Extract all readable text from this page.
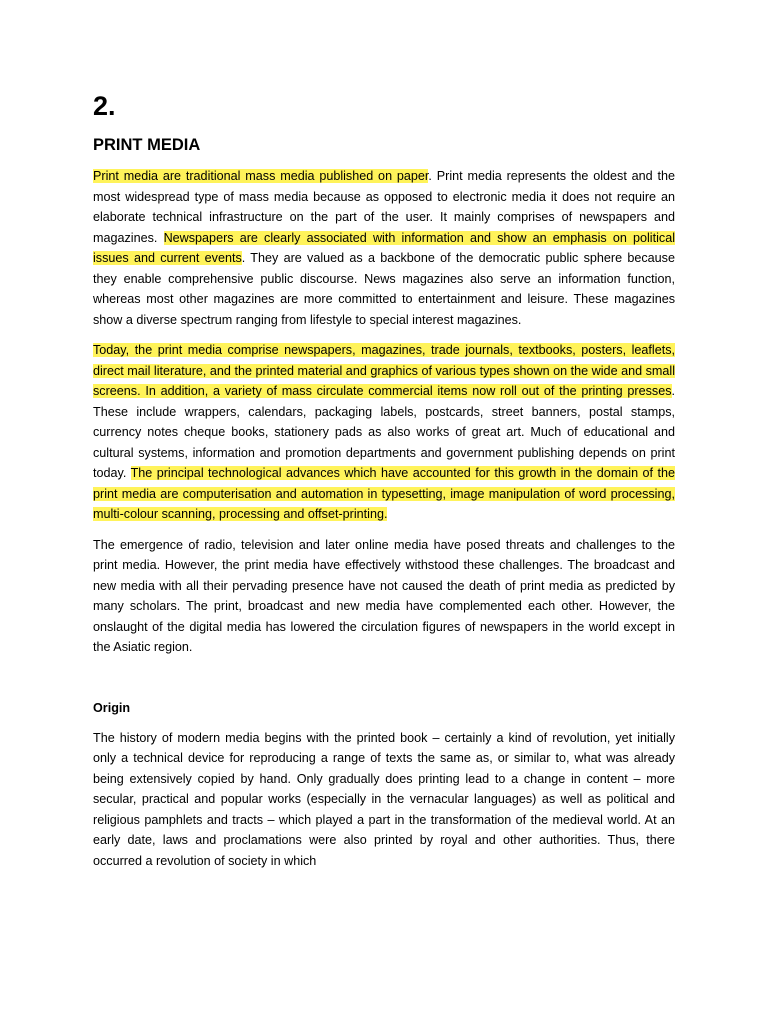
2.
PRINT MEDIA

Print media are traditional mass media published on paper. Print media represents the oldest and the most widespread type of mass media because as opposed to electronic media it does not require an elaborate technical infrastructure on the part of the user. It mainly comprises of newspapers and magazines. Newspapers are clearly associated with information and show an emphasis on political issues and current events. They are valued as a backbone of the democratic public sphere because they enable comprehensive public discourse. News magazines also serve an information function, whereas most other magazines are more committed to entertainment and leisure. These magazines show a diverse spectrum ranging from lifestyle to special interest magazines.

Today, the print media comprise newspapers, magazines, trade journals, textbooks, posters, leaflets, direct mail literature, and the printed material and graphics of various types shown on the wide and small screens. In addition, a variety of mass circulate commercial items now roll out of the printing presses. These include wrappers, calendars, packaging labels, postcards, street banners, postal stamps, currency notes cheque books, stationery pads as also works of great art. Much of educational and cultural systems, information and promotion departments and government publishing depends on print today. The principal technological advances which have accounted for this growth in the domain of the print media are computerisation and automation in typesetting, image manipulation of word processing, multi-colour scanning, processing and offset-printing.

The emergence of radio, television and later online media have posed threats and challenges to the print media. However, the print media have effectively withstood these challenges. The broadcast and new media with all their pervading presence have not caused the death of print media as predicted by many scholars. The print, broadcast and new media have complemented each other. However, the onslaught of the digital media has lowered the circulation figures of newspapers in the world except in the Asiatic region.

Origin

The history of modern media begins with the printed book – certainly a kind of revolution, yet initially only a technical device for reproducing a range of texts the same as, or similar to, what was already being extensively copied by hand. Only gradually does printing lead to a change in content – more secular, practical and popular works (especially in the vernacular languages) as well as political and religious pamphlets and tracts – which played a part in the transformation of the medieval world. At an early date, laws and proclamations were also printed by royal and other authorities. Thus, there occurred a revolution of society in which
